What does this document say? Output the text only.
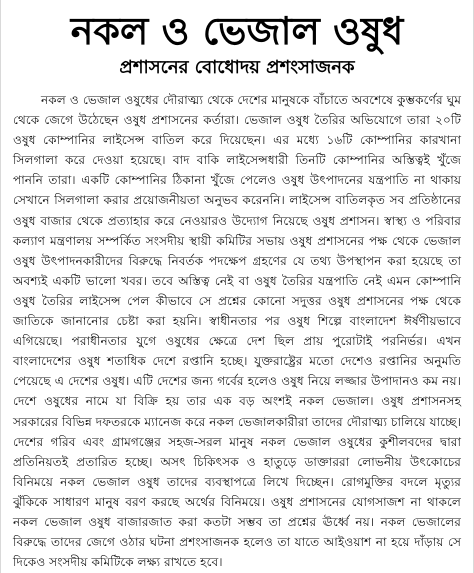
নকল ও ভেজাল ওষুধ
প্রশাসনের বোধোদয় প্রশংসাজনক

নকল ও ভেজাল ওষুধের দৌরাত্ম্য থেকে দেশের মানুষকে বাঁচাতে অবশেষে কুম্ভকর্ণের ঘুম থেকে জেগে উঠেছেন ওষুধ প্রশাসনের কর্তারা। ভেজাল ওষুধ তৈরির অভিযোগে তারা ২০টি ওষুধ কোম্পানির লাইসেন্স বাতিল করে দিয়েছেন। এর মধ্যে ১৬টি কোম্পানির কারখানা সিলগালা করে দেওয়া হয়েছে। বাদ বাকি লাইসেন্সধারী তিনটি কোম্পানির অস্তিত্বই খুঁজে পাননি তারা। একটি কোম্পানির ঠিকানা খুঁজে পেলেও ওষুধ উৎপাদনের যন্ত্রপাতি না থাকায় সেখানে সিলগালা করার প্রয়োজনীয়তা অনুভব করেননি। লাইসেন্স বাতিলকৃত সব প্রতিষ্ঠানের ওষুধ বাজার থেকে প্রত্যাহার করে নেওয়ারও উদ্যোগ নিয়েছে ওষুধ প্রশাসন। স্বাস্থ্য ও পরিবার কল্যাণ মন্ত্রণালয় সম্পর্কিত সংসদীয় স্থায়ী কমিটির সভায় ওষুধ প্রশাসনের পক্ষ থেকে ভেজাল ওষুধ উৎপাদনকারীদের বিরুদ্ধে নিবর্তক পদক্ষেপ গ্রহণের যে তথ্য উপস্থাপন করা হয়েছে তা অবশ্যই একটি ভালো খবর। তবে অস্তিত্ব নেই বা ওষুধ তৈরির যন্ত্রপাতি নেই এমন কোম্পানি ওষুধ তৈরির লাইসেন্স পেল কীভাবে সে প্রশ্নের কোনো সদুত্তর ওষুধ প্রশাসনের পক্ষ থেকে জাতিকে জানানোর চেষ্টা করা হয়নি। স্বাধীনতার পর ওষুধ শিল্পে বাংলাদেশ ঈর্ষণীয়ভাবে এগিয়েছে। পরাধীনতার যুগে ওষুধের ক্ষেত্রে দেশ ছিল প্রায় পুরোটাই পরনির্ভর। এখন বাংলাদেশের ওষুধ শতাধিক দেশে রপ্তানি হচ্ছে। যুক্তরাষ্ট্রের মতো দেশেও রপ্তানির অনুমতি পেয়েছে এ দেশের ওষুধ। এটি দেশের জন্য গর্বের হলেও ওষুধ নিয়ে লজ্জার উপাদানও কম নয়। দেশে ওষুধের নামে যা বিক্রি হয় তার এক বড় অংশই নকল ভেজাল। ওষুধ প্রশাসনসহ সরকারের বিভিন্ন দফতরকে ম্যানেজ করে নকল ভেজালকারীরা তাদের দৌরাত্ম্য চালিয়ে যাচ্ছে। দেশের গরিব এবং গ্রামগঞ্জের সহজ-সরল মানুষ নকল ভেজাল ওষুধের কুশীলবদের দ্বারা প্রতিনিয়তই প্রতারিত হচ্ছে। অসৎ চিকিৎসক ও হাতুড়ে ডাক্তাররা লোভনীয় উৎকোচের বিনিময়ে নকল ভেজাল ওষুধ তাদের ব্যবস্থাপত্রে লিখে দিচ্ছেন। রোগমুক্তির বদলে মৃত্যুর ঝুঁকিকে সাধারণ মানুষ বরণ করছে অর্থের বিনিময়ে। ওষুধ প্রশাসনের যোগসাজশ না থাকলে নকল ভেজাল ওষুধ বাজারজাত করা কতটা সম্ভব তা প্রশ্নের ঊর্ধ্বে নয়। নকল ভেজালের বিরুদ্ধে তাদের জেগে ওঠার ঘটনা প্রশংসাজনক হলেও তা যাতে আইওয়াশ না হয়ে দাঁড়ায় সে দিকেও সংসদীয় কমিটিকে লক্ষ্য রাখতে হবে।
